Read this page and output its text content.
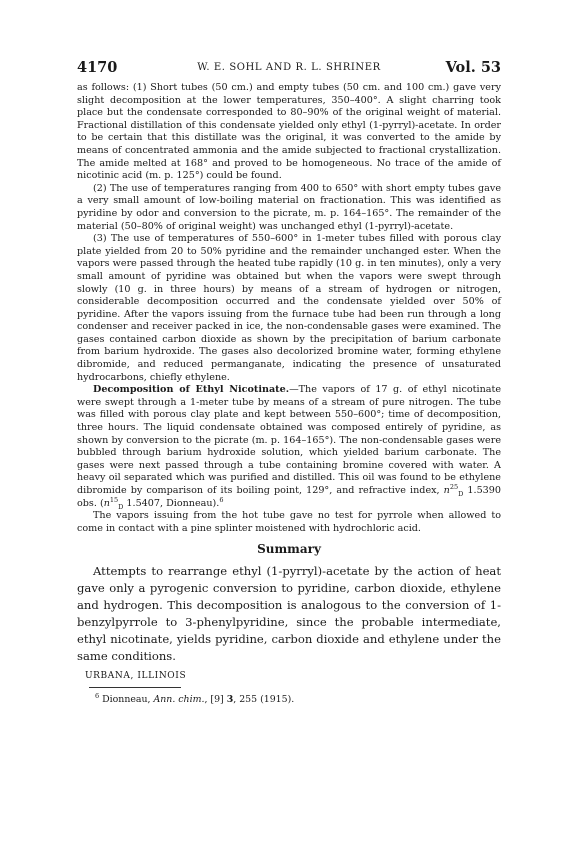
4170	W. E. SOHL AND R. L. SHRINER	Vol. 53

as follows: (1) Short tubes (50 cm.) and empty tubes (50 cm. and 100 cm.) gave very slight decomposition at the lower temperatures, 350–400°. A slight charring took place but the condensate corresponded to 80–90% of the original weight of material. Fractional distillation of this condensate yielded only ethyl (1-pyrryl)-acetate. In order to be certain that this distillate was the original, it was converted to the amide by means of concentrated ammonia and the amide subjected to fractional crystallization. The amide melted at 168° and proved to be homogeneous. No trace of the amide of nicotinic acid (m. p. 125°) could be found.

(2) The use of temperatures ranging from 400 to 650° with short empty tubes gave a very small amount of low-boiling material on fractionation. This was identified as pyridine by odor and conversion to the picrate, m. p. 164–165°. The remainder of the material (50–80% of original weight) was unchanged ethyl (1-pyrryl)-acetate.

(3) The use of temperatures of 550–600° in 1-meter tubes filled with porous clay plate yielded from 20 to 50% pyridine and the remainder unchanged ester. When the vapors were passed through the heated tube rapidly (10 g. in ten minutes), only a very small amount of pyridine was obtained but when the vapors were swept through slowly (10 g. in three hours) by means of a stream of hydrogen or nitrogen, considerable decomposition occurred and the condensate yielded over 50% of pyridine. After the vapors issuing from the furnace tube had been run through a long condenser and receiver packed in ice, the non-condensable gases were examined. The gases contained carbon dioxide as shown by the precipitation of barium carbonate from barium hydroxide. The gases also decolorized bromine water, forming ethylene dibromide, and reduced permanganate, indicating the presence of unsaturated hydrocarbons, chiefly ethylene.

Decomposition of Ethyl Nicotinate.—The vapors of 17 g. of ethyl nicotinate were swept through a 1-meter tube by means of a stream of pure nitrogen. The tube was filled with porous clay plate and kept between 550–600°; time of decomposition, three hours. The liquid condensate obtained was composed entirely of pyridine, as shown by conversion to the picrate (m. p. 164–165°). The non-condensable gases were bubbled through barium hydroxide solution, which yielded barium carbonate. The gases were next passed through a tube containing bromine covered with water. A heavy oil separated which was purified and distilled. This oil was found to be ethylene dibromide by comparison of its boiling point, 129°, and refractive index, $n^{25}_D$ 1.5390 obs. ($n^{15}_D$ 1.5407, Dionneau).$^6$

The vapors issuing from the hot tube gave no test for pyrrole when allowed to come in contact with a pine splinter moistened with hydrochloric acid.

Summary

Attempts to rearrange ethyl (1-pyrryl)-acetate by the action of heat gave only a pyrogenic conversion to pyridine, carbon dioxide, ethylene and hydrogen. This decomposition is analogous to the conversion of 1-benzylpyrrole to 3-phenylpyridine, since the probable intermediate, ethyl nicotinate, yields pyridine, carbon dioxide and ethylene under the same conditions.

URBANA, ILLINOIS
$^6$ Dionneau, Ann. chim., [9] 3, 255 (1915).
